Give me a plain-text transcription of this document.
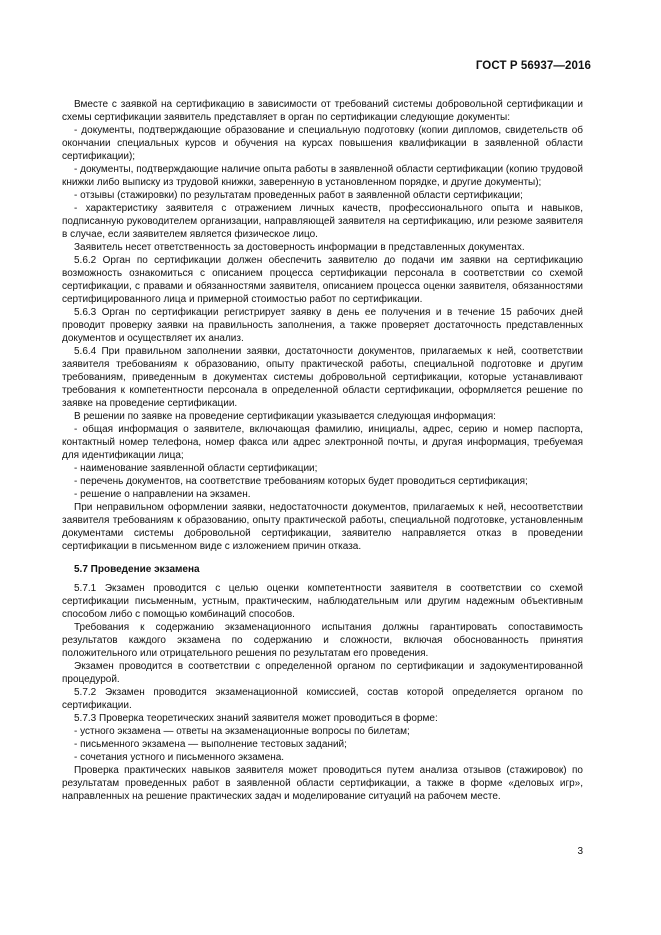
ГОСТ Р 56937—2016

Вместе с заявкой на сертификацию в зависимости от требований системы добровольной сертификации и схемы сертификации заявитель представляет в орган по сертификации следующие документы:

- документы, подтверждающие образование и специальную подготовку (копии дипломов, свидетельств об окончании специальных курсов и обучения на курсах повышения квалификации в заявленной области сертификации);

- документы, подтверждающие наличие опыта работы в заявленной области сертификации (копию трудовой книжки либо выписку из трудовой книжки, заверенную в установленном порядке, и другие документы);

- отзывы (стажировки) по результатам проведенных работ в заявленной области сертификации;

- характеристику заявителя с отражением личных качеств, профессионального опыта и навыков, подписанную руководителем организации, направляющей заявителя на сертификацию, или резюме заявителя в случае, если заявителем является физическое лицо.

Заявитель несет ответственность за достоверность информации в представленных документах.

5.6.2 Орган по сертификации должен обеспечить заявителю до подачи им заявки на сертификацию возможность ознакомиться с описанием процесса сертификации персонала в соответствии со схемой сертификации, с правами и обязанностями заявителя, описанием процесса оценки заявителя, обязанностями сертифицированного лица и примерной стоимостью работ по сертификации.

5.6.3 Орган по сертификации регистрирует заявку в день ее получения и в течение 15 рабочих дней проводит проверку заявки на правильность заполнения, а также проверяет достаточность представленных документов и осуществляет их анализ.

5.6.4 При правильном заполнении заявки, достаточности документов, прилагаемых к ней, соответствии заявителя требованиям к образованию, опыту практической работы, специальной подготовке и другим требованиям, приведенным в документах системы добровольной сертификации, которые устанавливают требования к компетентности персонала в определенной области сертификации, оформляется решение по заявке на проведение сертификации.

В решении по заявке на проведение сертификации указывается следующая информация:

- общая информация о заявителе, включающая фамилию, инициалы, адрес, серию и номер паспорта, контактный номер телефона, номер факса или адрес электронной почты, и другая информация, требуемая для идентификации лица;

- наименование заявленной области сертификации;

- перечень документов, на соответствие требованиям которых будет проводиться сертификация;

- решение о направлении на экзамен.

При неправильном оформлении заявки, недостаточности документов, прилагаемых к ней, несоответствии заявителя требованиям к образованию, опыту практической работы, специальной подготовке, установленным документами системы добровольной сертификации, заявителю направляется отказ в проведении сертификации в письменном виде с изложением причин отказа.

5.7 Проведение экзамена

5.7.1 Экзамен проводится с целью оценки компетентности заявителя в соответствии со схемой сертификации письменным, устным, практическим, наблюдательным или другим надежным объективным способом либо с помощью комбинаций способов.

Требования к содержанию экзаменационного испытания должны гарантировать сопоставимость результатов каждого экзамена по содержанию и сложности, включая обоснованность принятия положительного или отрицательного решения по результатам его проведения.

Экзамен проводится в соответствии с определенной органом по сертификации и задокументированной процедурой.

5.7.2 Экзамен проводится экзаменационной комиссией, состав которой определяется органом по сертификации.

5.7.3 Проверка теоретических знаний заявителя может проводиться в форме:

- устного экзамена — ответы на экзаменационные вопросы по билетам;

- письменного экзамена — выполнение тестовых заданий;

- сочетания устного и письменного экзамена.

Проверка практических навыков заявителя может проводиться путем анализа отзывов (стажировок) по результатам проведенных работ в заявленной области сертификации, а также в форме «деловых игр», направленных на решение практических задач и моделирование ситуаций на рабочем месте.

3
